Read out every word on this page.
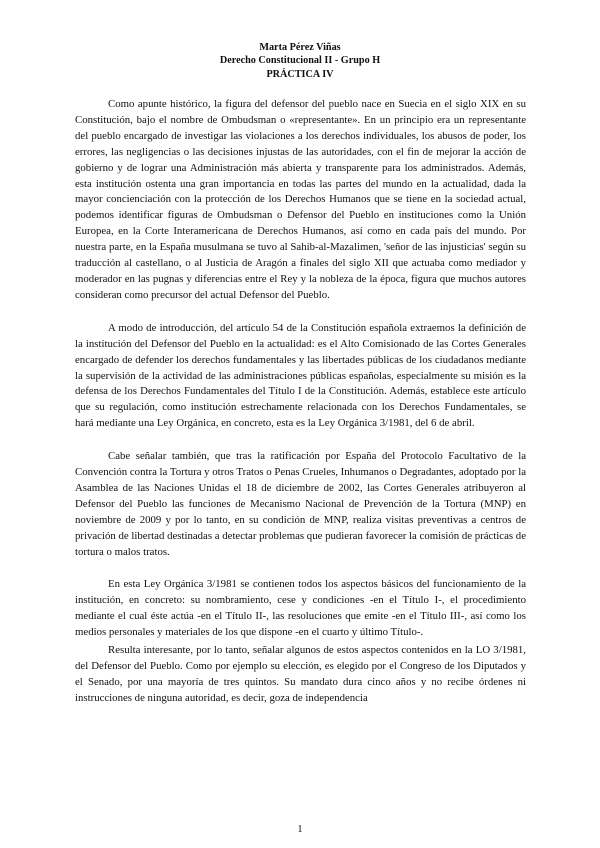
Marta Pérez Viñas
Derecho Constitucional II - Grupo H
PRÁCTICA IV

Como apunte histórico, la figura del defensor del pueblo nace en Suecia en el siglo XIX en su Constitución, bajo el nombre de Ombudsman o «representante». En un principio era un representante del pueblo encargado de investigar las violaciones a los derechos individuales, los abusos de poder, los errores, las negligencias o las decisiones injustas de las autoridades, con el fin de mejorar la acción de gobierno y de lograr una Administración más abierta y transparente para los administrados. Además, esta institución ostenta una gran importancia en todas las partes del mundo en la actualidad, dada la mayor concienciación con la protección de los Derechos Humanos que se tiene en la sociedad actual, podemos identificar figuras de Ombudsman o Defensor del Pueblo en instituciones como la Unión Europea, en la Corte Interamericana de Derechos Humanos, así como en cada país del mundo. Por nuestra parte, en la España musulmana se tuvo al Sahib-al-Mazalimen, 'señor de las injusticias' según su traducción al castellano, o al Justicia de Aragón a finales del siglo XII que actuaba como mediador y moderador en las pugnas y diferencias entre el Rey y la nobleza de la época, figura que muchos autores consideran como precursor del actual Defensor del Pueblo.

A modo de introducción, del artículo 54 de la Constitución española extraemos la definición de la institución del Defensor del Pueblo en la actualidad: es el Alto Comisionado de las Cortes Generales encargado de defender los derechos fundamentales y las libertades públicas de los ciudadanos mediante la supervisión de la actividad de las administraciones públicas españolas, especialmente su misión es la defensa de los Derechos Fundamentales del Título I de la Constitución. Además, establece este artículo que su regulación, como institución estrechamente relacionada con los Derechos Fundamentales, se hará mediante una Ley Orgánica, en concreto, esta es la Ley Orgánica 3/1981, del 6 de abril.

Cabe señalar también, que tras la ratificación por España del Protocolo Facultativo de la Convención contra la Tortura y otros Tratos o Penas Crueles, Inhumanos o Degradantes, adoptado por la Asamblea de las Naciones Unidas el 18 de diciembre de 2002, las Cortes Generales atribuyeron al Defensor del Pueblo las funciones de Mecanismo Nacional de Prevención de la Tortura (MNP) en noviembre de 2009 y por lo tanto, en su condición de MNP, realiza visitas preventivas a centros de privación de libertad destinadas a detectar problemas que pudieran favorecer la comisión de prácticas de tortura o malos tratos.

En esta Ley Orgánica 3/1981 se contienen todos los aspectos básicos del funcionamiento de la institución, en concreto: su nombramiento, cese y condiciones -en el Título I-, el procedimiento mediante el cual éste actúa -en el Título II-, las resoluciones que emite -en el Título III-, así como los medios personales y materiales de los que dispone -en el cuarto y último Título-.

Resulta interesante, por lo tanto, señalar algunos de estos aspectos contenidos en la LO 3/1981, del Defensor del Pueblo. Como por ejemplo su elección, es elegido por el Congreso de los Diputados y el Senado, por una mayoría de tres quintos. Su mandato dura cinco años y no recibe órdenes ni instrucciones de ninguna autoridad, es decir, goza de independencia

1
